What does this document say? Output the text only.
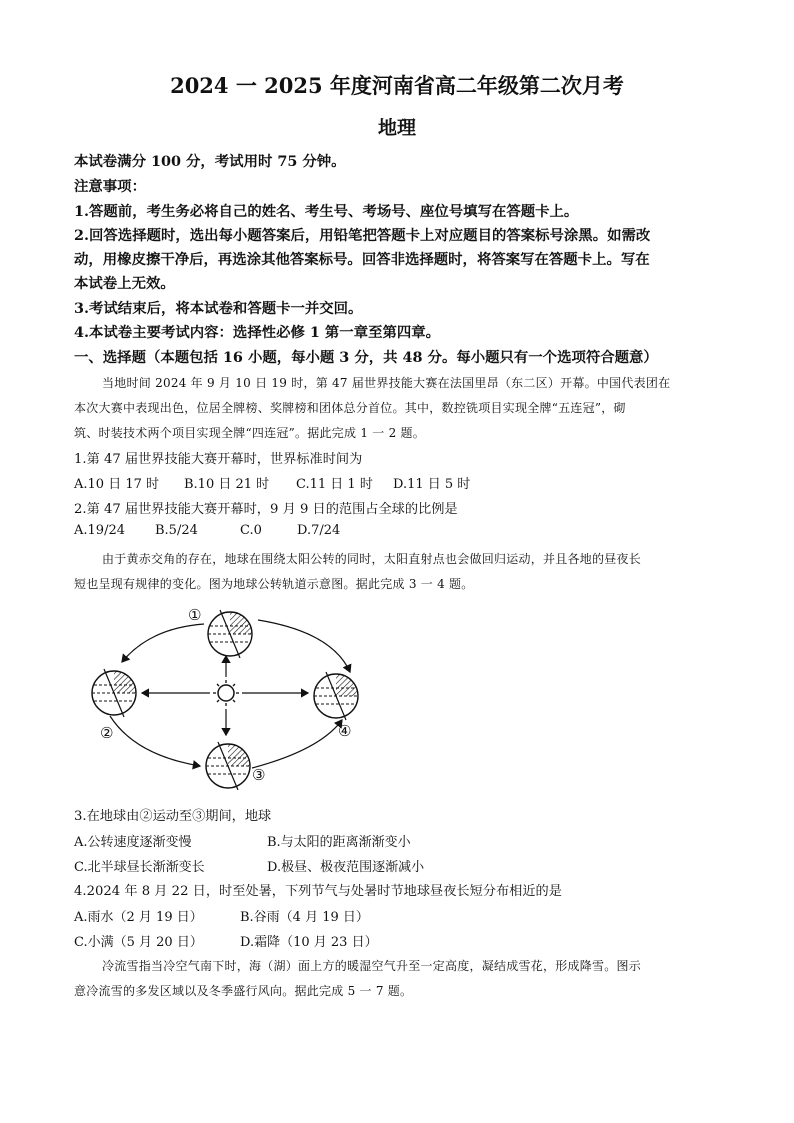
2024 一 2025 年度河南省高二年级第二次月考
地理
本试卷满分 100 分，考试用时 75 分钟。
注意事项：
1.答题前，考生务必将自己的姓名、考生号、考场号、座位号填写在答题卡上。
2.回答选择题时，选出每小题答案后，用铅笔把答题卡上对应题目的答案标号涂黑。如需改
动，用橡皮擦干净后，再选涂其他答案标号。回答非选择题时，将答案写在答题卡上。写在
本试卷上无效。
3.考试结束后，将本试卷和答题卡一并交回。
4.本试卷主要考试内容：选择性必修 1 第一章至第四章。
一、选择题（本题包括 16 小题，每小题 3 分，共 48 分。每小题只有一个选项符合题意）
当地时间 2024 年 9 月 10 日 19 时，第 47 届世界技能大赛在法国里昂（东二区）开幕。中国代表团在
本次大赛中表现出色，位居全牌榜、奖牌榜和团体总分首位。其中，数控铣项目实现全牌“五连冠”，砌
筑、时装技术两个项目实现全牌“四连冠”。据此完成 1 一 2 题。
1.第 47 届世界技能大赛开幕时，世界标准时间为
A.10 日 17 时 B.10 日 21 时 C.11 日 1 时 D.11 日 5 时
2.第 47 届世界技能大赛开幕时，9 月 9 日的范围占全球的比例是
A.19/24 B.5/24	C.0	D.7/24
由于黄赤交角的存在，地球在围绕太阳公转的同时，太阳直射点也会做回归运动，并且各地的昼夜长
短也呈现有规律的变化。图为地球公转轨道示意图。据此完成 3 一 4 题。
①
②
③
④
3.在地球由②运动至③期间，地球
A.公转速度逐渐变慢	B.与太阳的距离渐渐变小
C.北半球昼长渐渐变长	D.极昼、极夜范围逐渐减小
4.2024 年 8 月 22 日，时至处暑，下列节气与处暑时节地球昼夜长短分布相近的是
A.雨水（2 月 19 日）	B.谷雨（4 月 19 日）
C.小满（5 月 20 日）	D.霜降（10 月 23 日）
冷流雪指当冷空气南下时，海（湖）面上方的暖湿空气升至一定高度，凝结成雪花，形成降雪。图示
意冷流雪的多发区域以及冬季盛行风向。据此完成 5 一 7 题。
